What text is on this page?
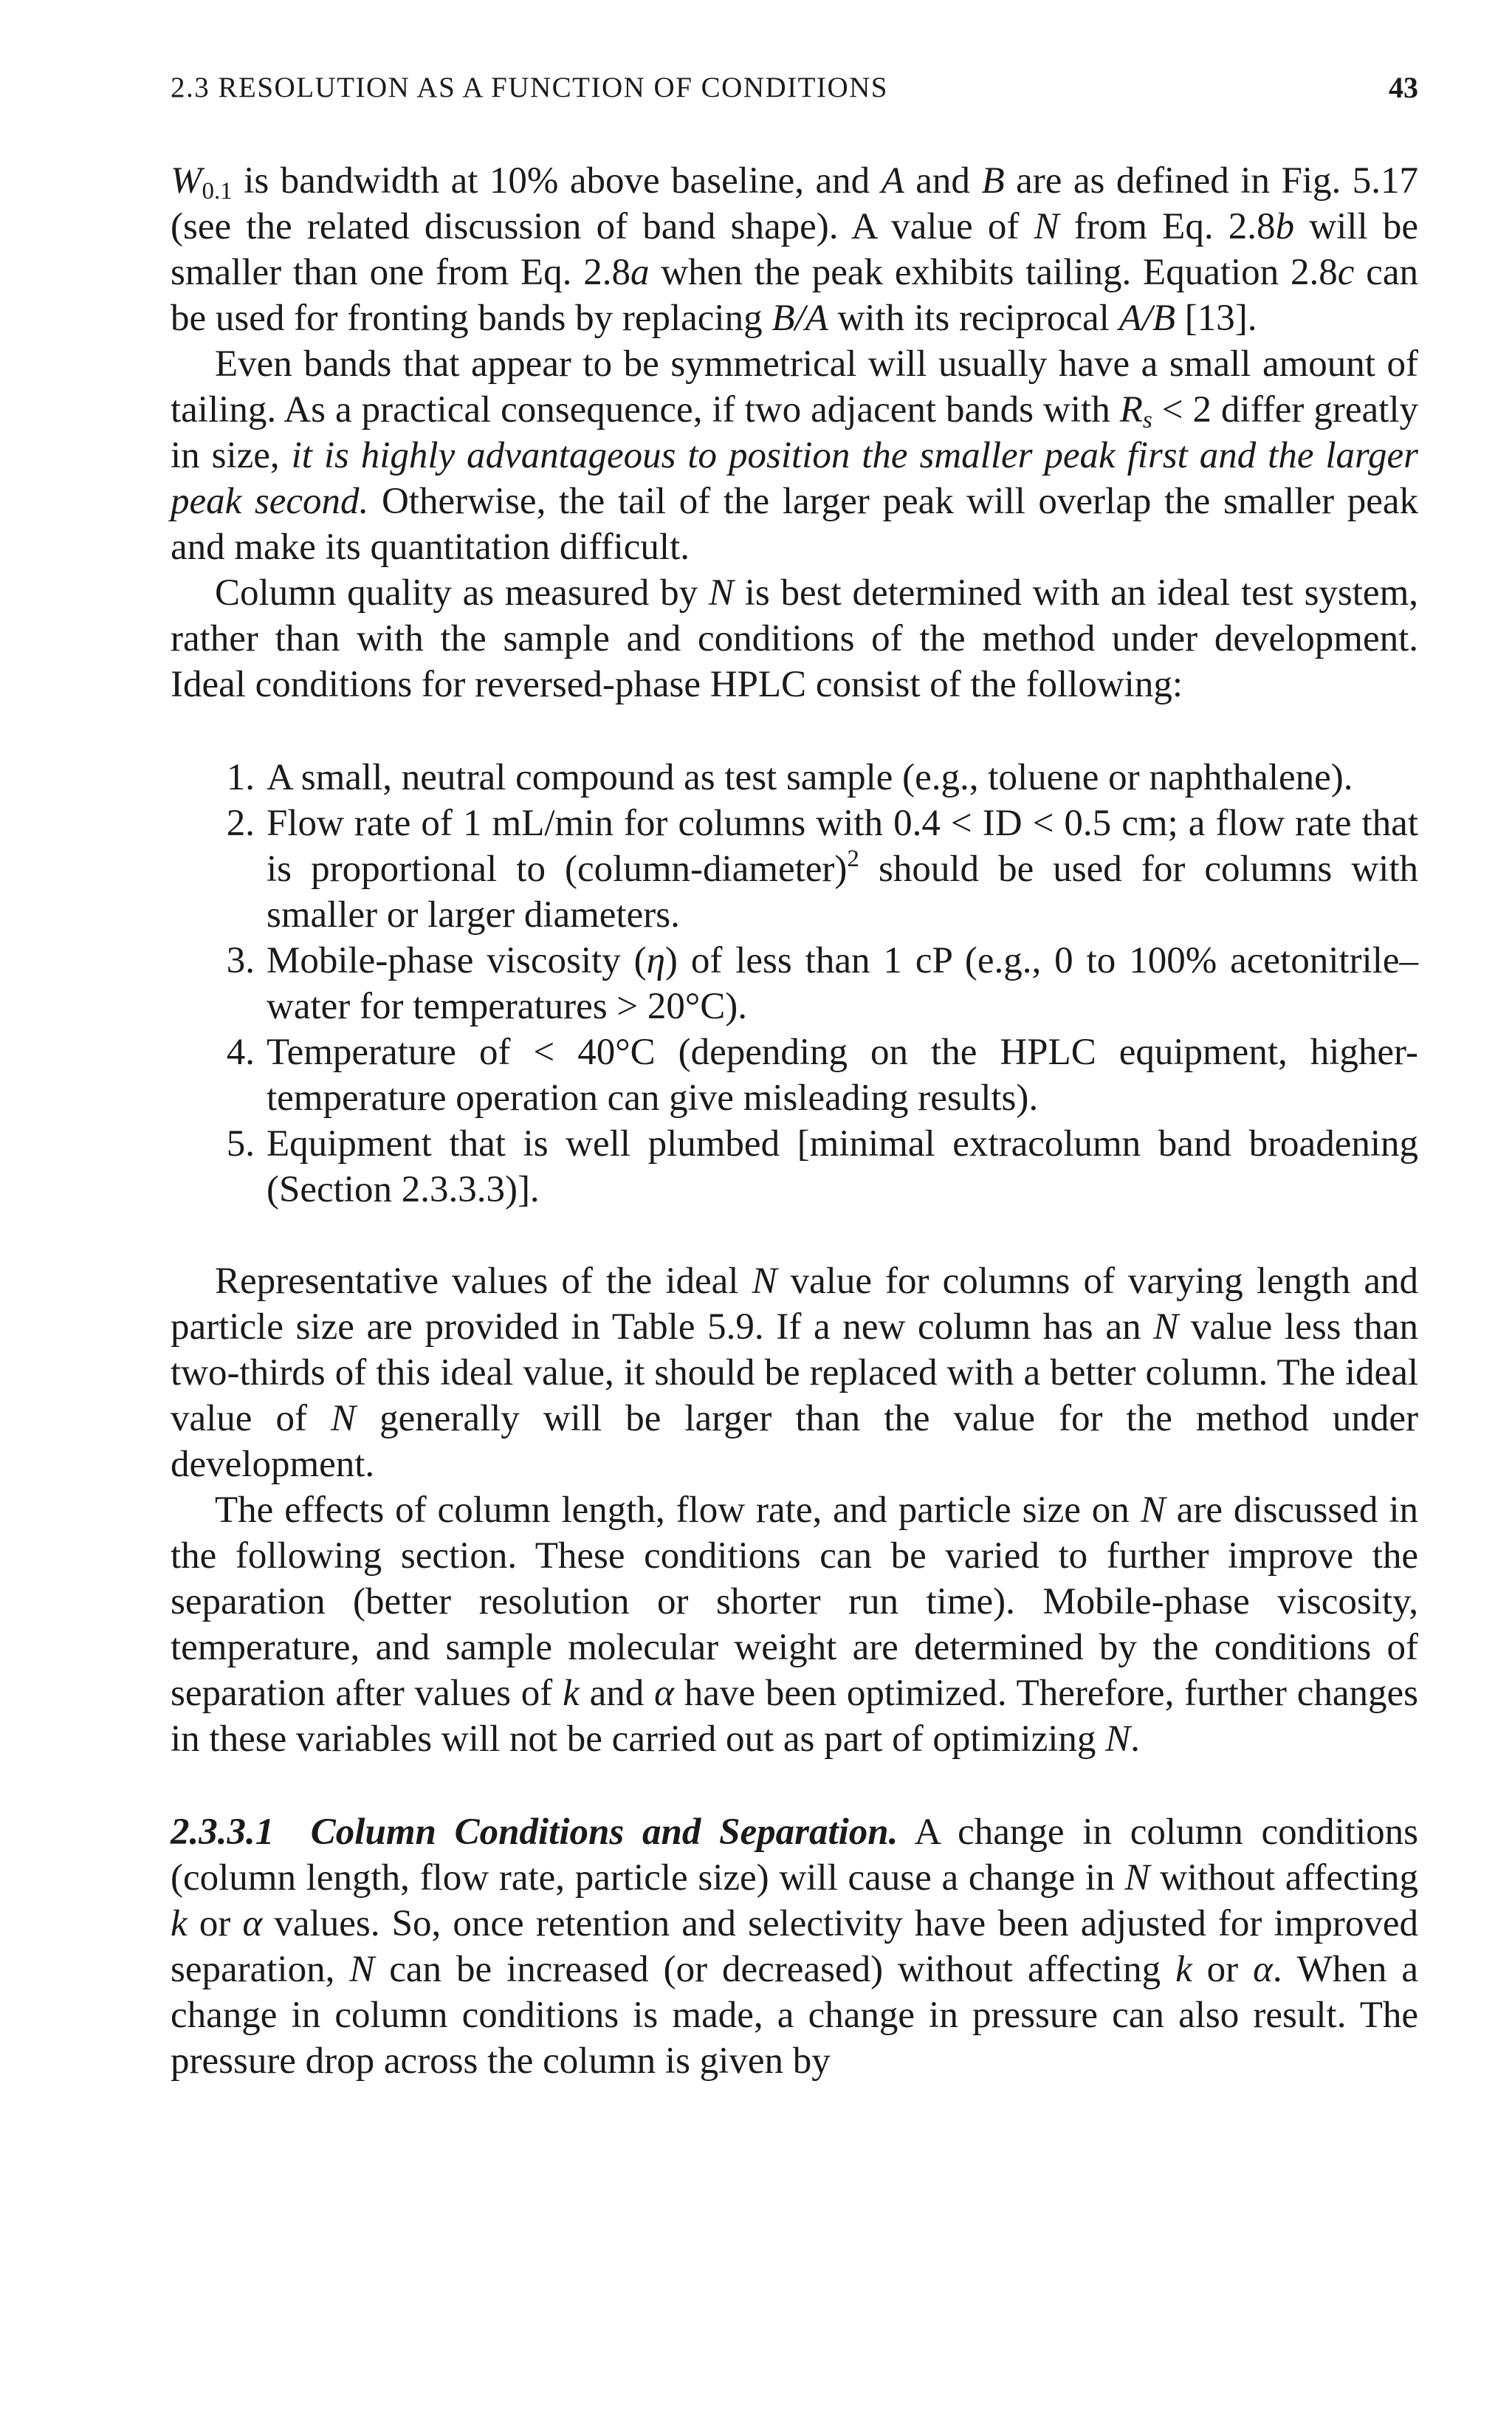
2.3 RESOLUTION AS A FUNCTION OF CONDITIONS	43

$W_{0.1}$ is bandwidth at 10% above baseline, and A and B are as defined in Fig. 5.17 (see the related discussion of band shape). A value of N from Eq. 2.8b will be smaller than one from Eq. 2.8a when the peak exhibits tailing. Equation 2.8c can be used for fronting bands by replacing B/A with its reciprocal A/B [13].

Even bands that appear to be symmetrical will usually have a small amount of tailing. As a practical consequence, if two adjacent bands with $R_s < 2$ differ greatly in size, it is highly advantageous to position the smaller peak first and the larger peak second. Otherwise, the tail of the larger peak will overlap the smaller peak and make its quantitation difficult.

Column quality as measured by N is best determined with an ideal test system, rather than with the sample and conditions of the method under development. Ideal conditions for reversed-phase HPLC consist of the following:

1. A small, neutral compound as test sample (e.g., toluene or naphthalene).
2. Flow rate of 1 mL/min for columns with 0.4 < ID < 0.5 cm; a flow rate that is proportional to (column-diameter)$^2$ should be used for columns with smaller or larger diameters.
3. Mobile-phase viscosity (η) of less than 1 cP (e.g., 0 to 100% acetonitrile–water for temperatures > 20°C).
4. Temperature of < 40°C (depending on the HPLC equipment, higher-temperature operation can give misleading results).
5. Equipment that is well plumbed [minimal extracolumn band broadening (Section 2.3.3.3)].

Representative values of the ideal N value for columns of varying length and particle size are provided in Table 5.9. If a new column has an N value less than two-thirds of this ideal value, it should be replaced with a better column. The ideal value of N generally will be larger than the value for the method under development.

The effects of column length, flow rate, and particle size on N are discussed in the following section. These conditions can be varied to further improve the separation (better resolution or shorter run time). Mobile-phase viscosity, temperature, and sample molecular weight are determined by the conditions of separation after values of k and α have been optimized. Therefore, further changes in these variables will not be carried out as part of optimizing N.

2.3.3.1 Column Conditions and Separation. A change in column conditions (column length, flow rate, particle size) will cause a change in N without affecting k or α values. So, once retention and selectivity have been adjusted for improved separation, N can be increased (or decreased) without affecting k or α. When a change in column conditions is made, a change in pressure can also result. The pressure drop across the column is given by
